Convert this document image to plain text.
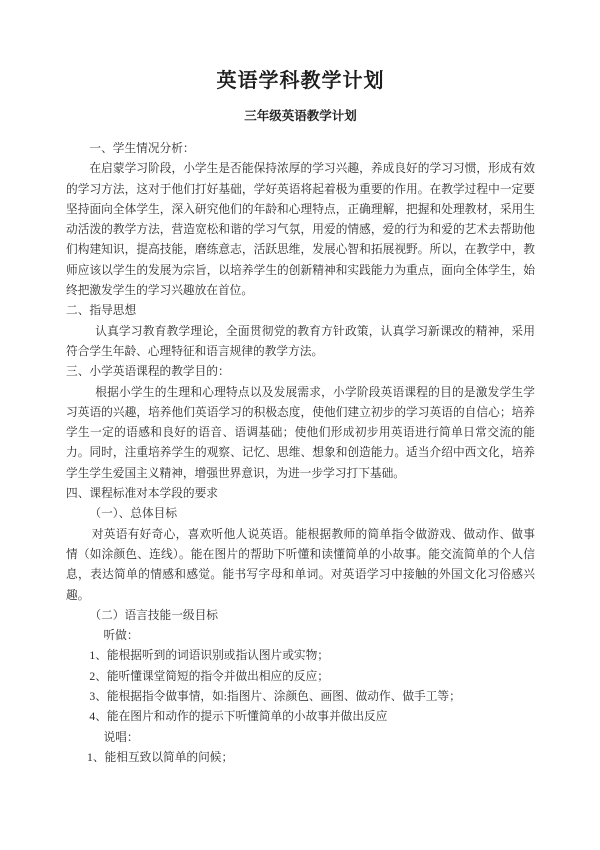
英语学科教学计划
三年级英语教学计划

一、学生情况分析：

在启蒙学习阶段，小学生是否能保持浓厚的学习兴趣，养成良好的学习习惯，形成有效的学习方法，这对于他们打好基础，学好英语将起着极为重要的作用。在教学过程中一定要坚持面向全体学生，深入研究他们的年龄和心理特点，正确理解，把握和处理教材，采用生动活泼的教学方法，营造宽松和谐的学习气氛，用爱的情感，爱的行为和爱的艺术去帮助他们构建知识，提高技能，磨练意志，活跃思维，发展心智和拓展视野。所以，在教学中，教师应该以学生的发展为宗旨，以培养学生的创新精神和实践能力为重点，面向全体学生，始终把激发学生的学习兴趣放在首位。

二、指导思想

认真学习教育教学理论，全面贯彻党的教育方针政策，认真学习新课改的精神，采用符合学生年龄、心理特征和语言规律的教学方法。

三、小学英语课程的教学目的：

根据小学生的生理和心理特点以及发展需求，小学阶段英语课程的目的是激发学生学习英语的兴趣，培养他们英语学习的积极态度，使他们建立初步的学习英语的自信心；培养学生一定的语感和良好的语音、语调基础；使他们形成初步用英语进行简单日常交流的能力。同时，注重培养学生的观察、记忆、思维、想象和创造能力。适当介绍中西文化，培养学生学生爱国主义精神，增强世界意识，为进一步学习打下基础。

四、课程标准对本学段的要求

（一）、总体目标

对英语有好奇心，喜欢听他人说英语。能根据教师的简单指令做游戏、做动作、做事情（如涂颜色、连线）。能在图片的帮助下听懂和读懂简单的小故事。能交流简单的个人信息，表达简单的情感和感觉。能书写字母和单词。对英语学习中接触的外国文化习俗感兴趣。

（二）语言技能一级目标

听做：

1、能根据听到的词语识别或指认图片或实物；

2、能听懂课堂简短的指令并做出相应的反应；

3、能根据指令做事情，如:指图片、涂颜色、画图、做动作、做手工等；

4、能在图片和动作的提示下听懂简单的小故事并做出反应

说唱：

1、能相互致以简单的问候；
